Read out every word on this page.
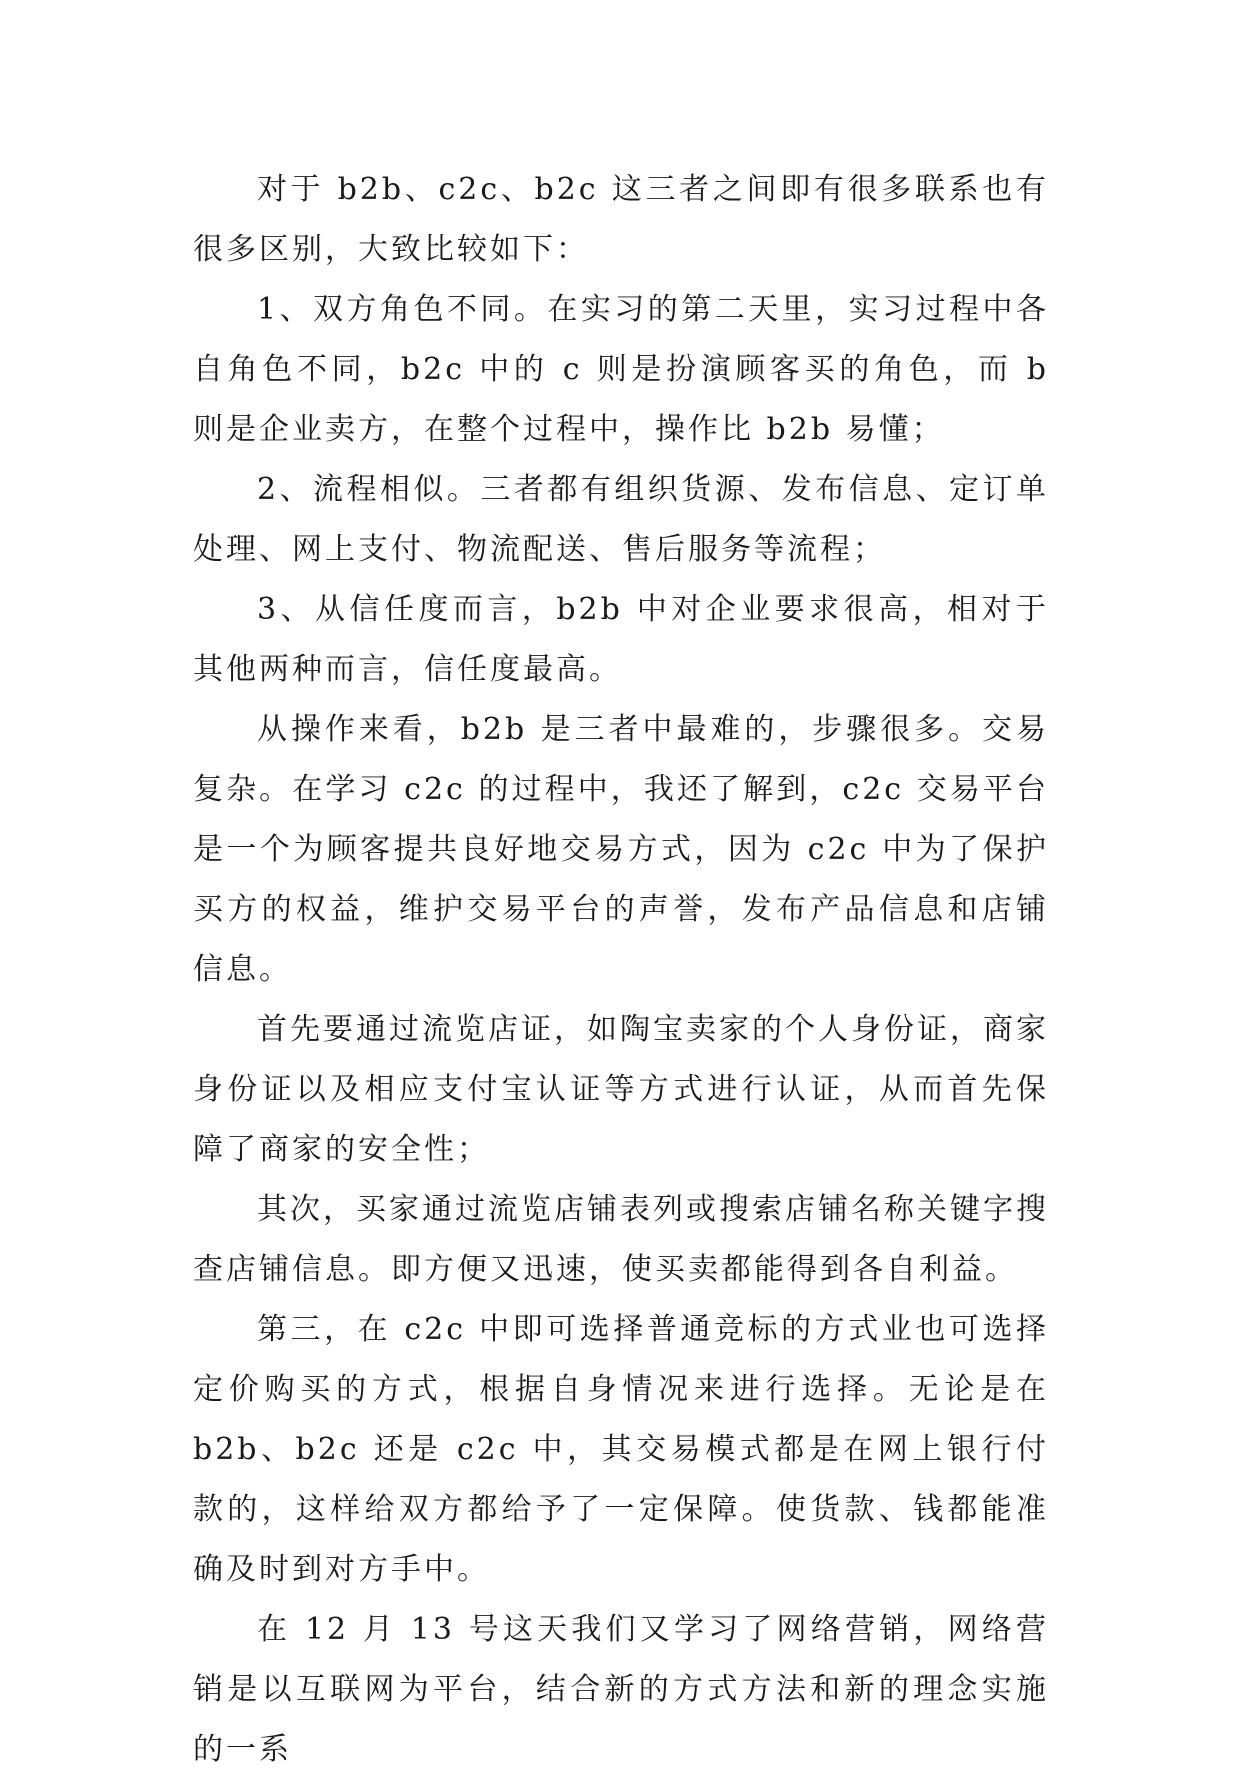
对于 b2b、c2c、b2c 这三者之间即有很多联系也有很多区别，大致比较如下：

1、双方角色不同。在实习的第二天里，实习过程中各自角色不同，b2c 中的 c 则是扮演顾客买的角色，而 b 则是企业卖方，在整个过程中，操作比 b2b 易懂；

2、流程相似。三者都有组织货源、发布信息、定订单处理、网上支付、物流配送、售后服务等流程；

3、从信任度而言，b2b 中对企业要求很高，相对于其他两种而言，信任度最高。

从操作来看，b2b 是三者中最难的，步骤很多。交易复杂。在学习 c2c 的过程中，我还了解到，c2c 交易平台是一个为顾客提共良好地交易方式，因为 c2c 中为了保护买方的权益，维护交易平台的声誉，发布产品信息和店铺信息。

首先要通过流览店证，如陶宝卖家的个人身份证，商家身份证以及相应支付宝认证等方式进行认证，从而首先保障了商家的安全性；

其次，买家通过流览店铺表列或搜索店铺名称关键字搜查店铺信息。即方便又迅速，使买卖都能得到各自利益。

第三，在 c2c 中即可选择普通竞标的方式业也可选择定价购买的方式，根据自身情况来进行选择。无论是在 b2b、b2c 还是 c2c 中，其交易模式都是在网上银行付款的，这样给双方都给予了一定保障。使货款、钱都能准确及时到对方手中。

在 12 月 13 号这天我们又学习了网络营销，网络营销是以互联网为平台，结合新的方式方法和新的理念实施的一系
